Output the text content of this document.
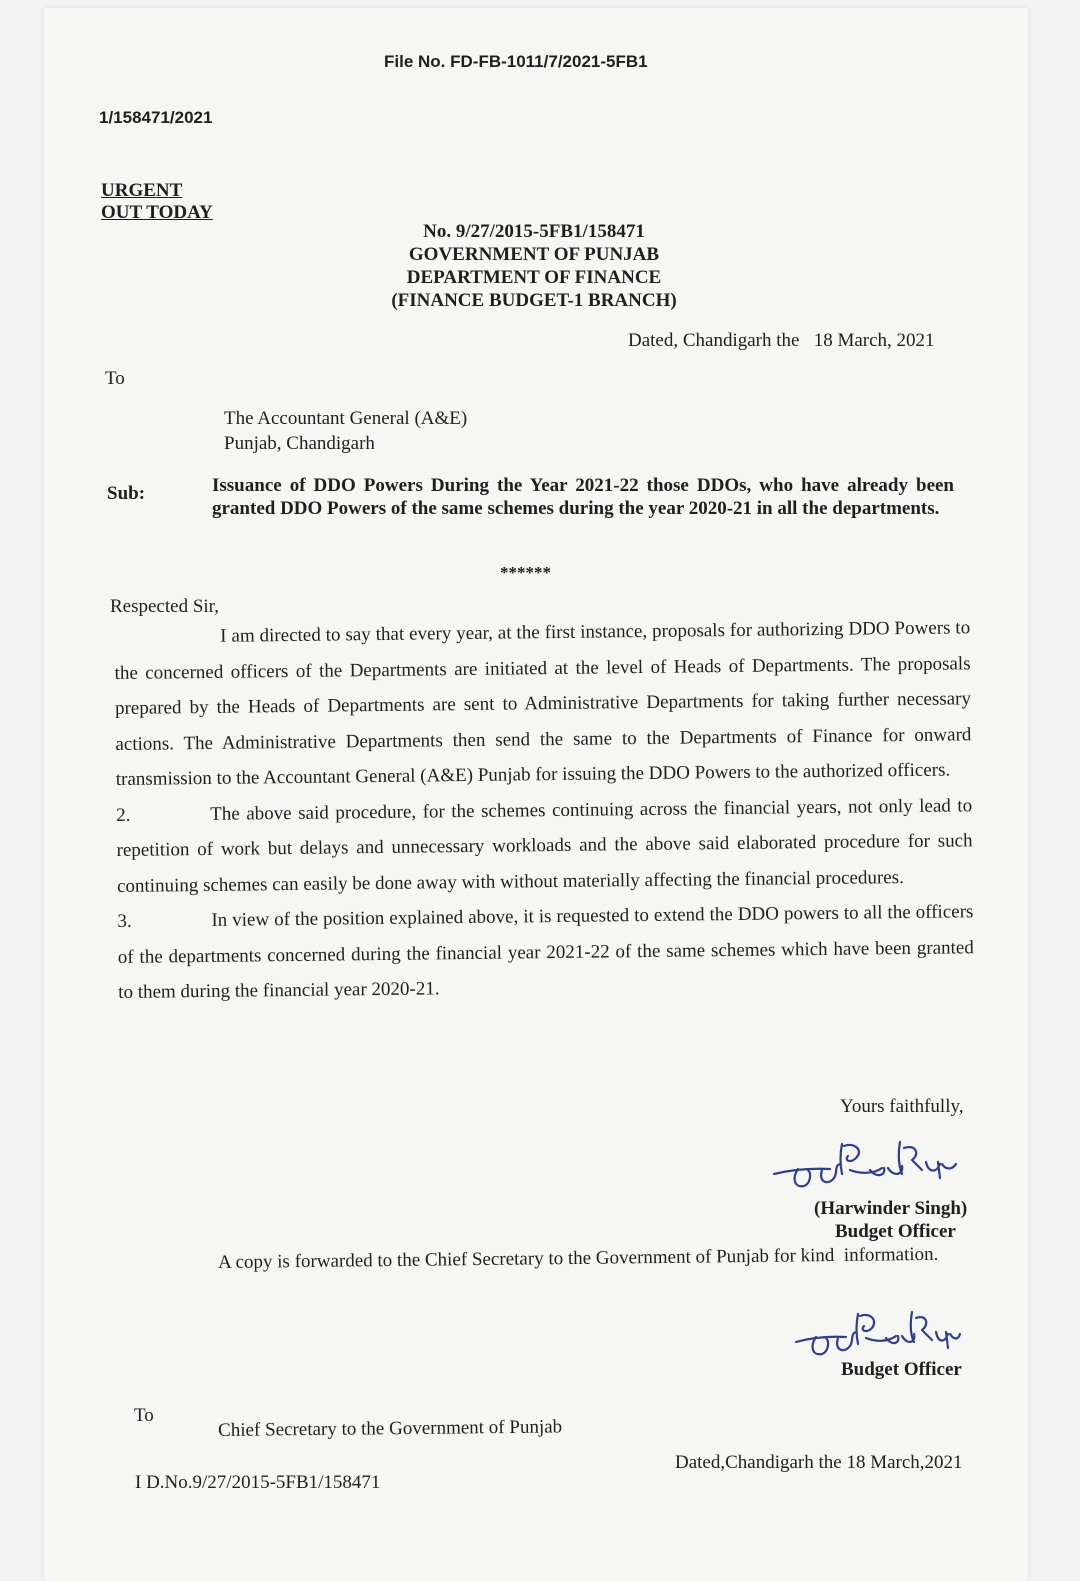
File No. FD-FB-1011/7/2021-5FB1
1/158471/2021
URGENT
OUT TODAY
No. 9/27/2015-5FB1/158471
GOVERNMENT OF PUNJAB
DEPARTMENT OF FINANCE
(FINANCE BUDGET-1 BRANCH)
Dated, Chandigarh the   18 March, 2021
To
The Accountant General (A&E)
Punjab, Chandigarh
Sub:	Issuance of DDO Powers During the Year 2021-22 those DDOs, who have already been granted DDO Powers of the same schemes during the year 2020-21 in all the departments.
******
Respected Sir,

I am directed to say that every year, at the first instance, proposals for authorizing DDO Powers to the concerned officers of the Departments are initiated at the level of Heads of Departments. The proposals prepared by the Heads of Departments are sent to Administrative Departments for taking further necessary actions. The Administrative Departments then send the same to the Departments of Finance for onward transmission to the Accountant General (A&E) Punjab for issuing the DDO Powers to the authorized officers.

2.	The above said procedure, for the schemes continuing across the financial years, not only lead to repetition of work but delays and unnecessary workloads and the above said elaborated procedure for such continuing schemes can easily be done away with without materially affecting the financial procedures.

3.	In view of the position explained above, it is requested to extend the DDO powers to all the officers of the departments concerned during the financial year 2021-22 of the same schemes which have been granted to them during the financial year 2020-21.

Yours faithfully,
(Harwinder Singh)
Budget Officer
A copy is forwarded to the Chief Secretary to the Government of Punjab for kind  information.
Budget Officer
To
Chief Secretary to the Government of Punjab
Dated,Chandigarh the 18 March,2021
I D.No.9/27/2015-5FB1/158471
